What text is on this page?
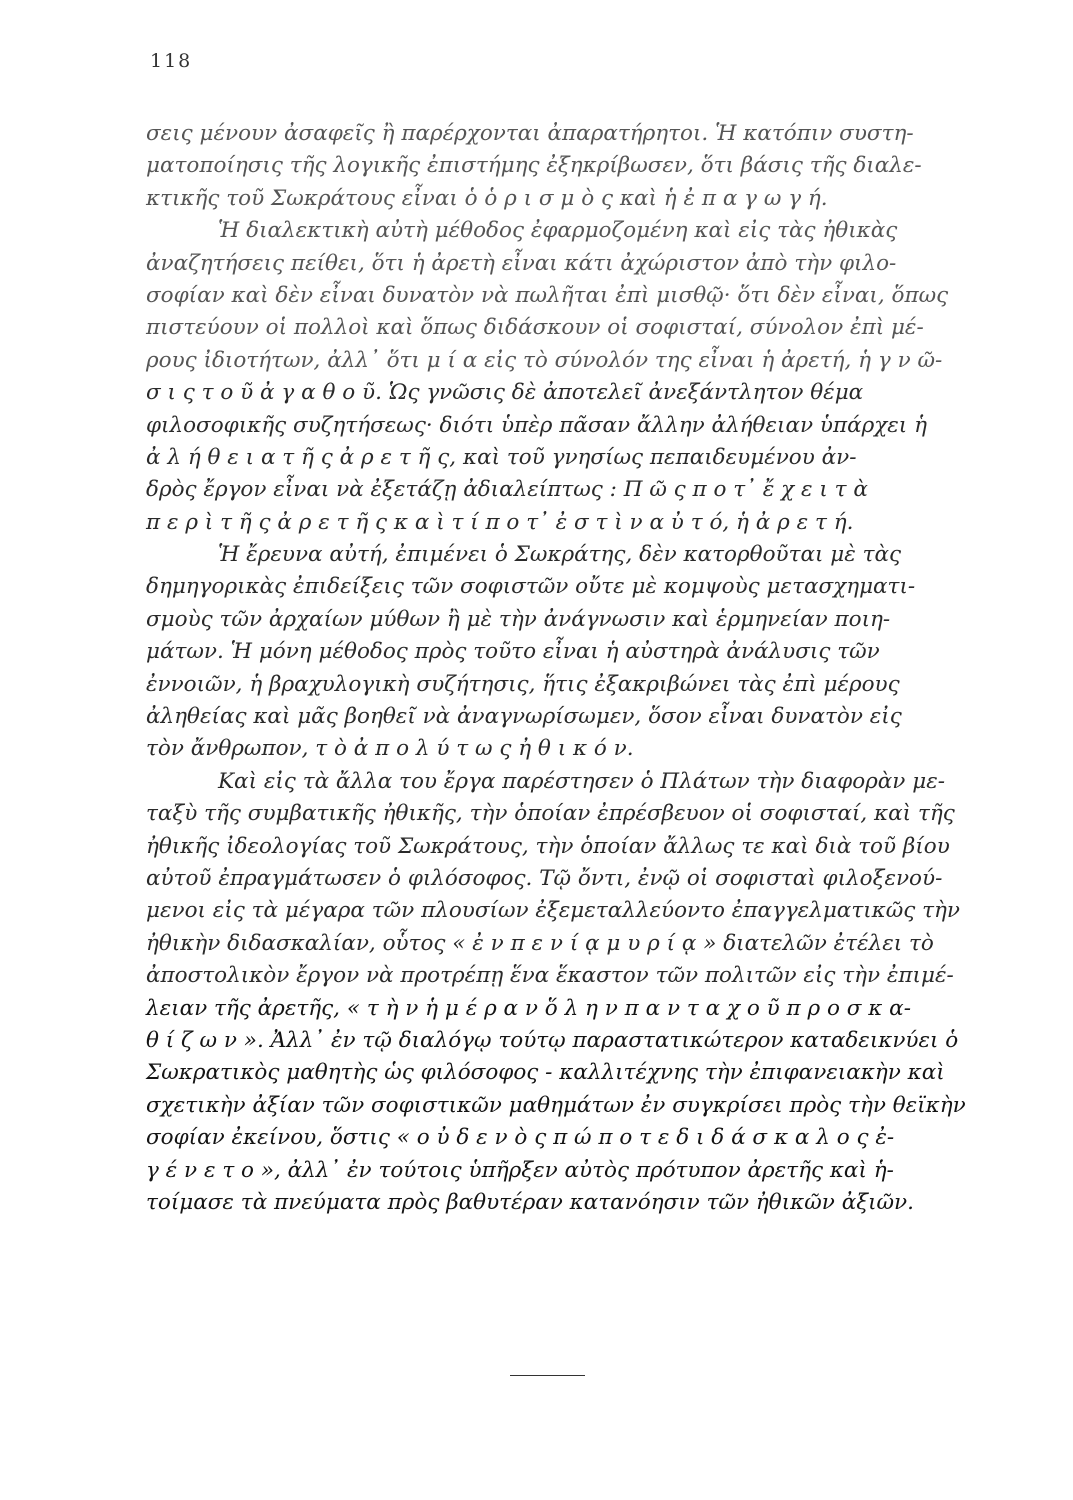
118
σεις μένουν ἀσαφεῖς ἢ παρέρχονται ἀπαρατήρητοι. Ἡ κατόπιν συστη-
ματοποίησις τῆς λογικῆς ἐπιστήμης ἐξηκρίβωσεν, ὅτι βάσις τῆς διαλε-
κτικῆς τοῦ Σωκράτους εἶναι ὁ ὁ ρ ι σ μ ὸ ς καὶ ἡ ἐ π α γ ω γ ή.
Ἡ διαλεκτικὴ αὐτὴ μέθοδος ἐφαρμοζομένη καὶ εἰς τὰς ἠθικὰς
ἀναζητήσεις πείθει, ὅτι ἡ ἀρετὴ εἶναι κάτι ἀχώριστον ἀπὸ τὴν φιλο-
σοφίαν καὶ δὲν εἶναι δυνατὸν νὰ πωλῆται ἐπὶ μισθῷ· ὅτι δὲν εἶναι, ὅπως
πιστεύουν οἱ πολλοὶ καὶ ὅπως διδάσκουν οἱ σοφισταί, σύνολον ἐπὶ μέ-
ρους ἰδιοτήτων, ἀλλ᾽ ὅτι μ ί α εἰς τὸ σύνολόν της εἶναι ἡ ἀρετή, ἡ γ ν ῶ-
σ ι ς τ ο ῦ ἀ γ α θ ο ῦ. Ὡς γνῶσις δὲ ἀποτελεῖ ἀνεξάντλητον θέμα
φιλοσοφικῆς συζητήσεως· διότι ὑπὲρ πᾶσαν ἄλλην ἀλήθειαν ὑπάρχει ἡ
ἀ λ ή θ ε ι α τ ῆ ς ἀ ρ ε τ ῆ ς, καὶ τοῦ γνησίως πεπαιδευμένου ἀν-
δρὸς ἔργον εἶναι νὰ ἐξετάζῃ ἀδιαλείπτως : Π ῶ ς π ο τ᾽ ἔ χ ε ι τ ὰ
π ε ρ ὶ τ ῆ ς ἀ ρ ε τ ῆ ς κ α ὶ τ ί π ο τ᾽ ἐ σ τ ὶ ν α ὐ τ ό, ἡ ἀ ρ ε τ ή.
Ἡ ἔρευνα αὐτή, ἐπιμένει ὁ Σωκράτης, δὲν κατορθοῦται μὲ τὰς
δημηγορικὰς ἐπιδείξεις τῶν σοφιστῶν οὔτε μὲ κομψοὺς μετασχηματι-
σμοὺς τῶν ἀρχαίων μύθων ἢ μὲ τὴν ἀνάγνωσιν καὶ ἑρμηνείαν ποιη-
μάτων. Ἡ μόνη μέθοδος πρὸς τοῦτο εἶναι ἡ αὐστηρὰ ἀνάλυσις τῶν
ἐννοιῶν, ἡ βραχυλογικὴ συζήτησις, ἥτις ἐξακριβώνει τὰς ἐπὶ μέρους
ἀληθείας καὶ μᾶς βοηθεῖ νὰ ἀναγνωρίσωμεν, ὅσον εἶναι δυνατὸν εἰς
τὸν ἄνθρωπον, τ ὸ ἀ π ο λ ύ τ ω ς ἠ θ ι κ ό ν.
Καὶ εἰς τὰ ἄλλα του ἔργα παρέστησεν ὁ Πλάτων τὴν διαφορὰν με-
ταξὺ τῆς συμβατικῆς ἠθικῆς, τὴν ὁποίαν ἐπρέσβευον οἱ σοφισταί, καὶ τῆς
ἠθικῆς ἰδεολογίας τοῦ Σωκράτους, τὴν ὁποίαν ἄλλως τε καὶ διὰ τοῦ βίου
αὐτοῦ ἐπραγμάτωσεν ὁ φιλόσοφος. Τῷ ὄντι, ἐνῷ οἱ σοφισταὶ φιλοξενού-
μενοι εἰς τὰ μέγαρα τῶν πλουσίων ἐξεμεταλλεύοντο ἐπαγγελματικῶς τὴν
ἠθικὴν διδασκαλίαν, οὗτος « ἐ ν π ε ν ί ᾳ μ υ ρ ί ᾳ » διατελῶν ἐτέλει τὸ
ἀποστολικὸν ἔργον νὰ προτρέπῃ ἕνα ἕκαστον τῶν πολιτῶν εἰς τὴν ἐπιμέ-
λειαν τῆς ἀρετῆς, « τ ὴ ν ἡ μ έ ρ α ν ὅ λ η ν π α ν τ α χ ο ῦ π ρ ο σ κ α-
θ ί ζ ω ν ». Ἀλλ᾽ ἐν τῷ διαλόγῳ τούτῳ παραστατικώτερον καταδεικνύει ὁ
Σωκρατικὸς μαθητὴς ὡς φιλόσοφος - καλλιτέχνης τὴν ἐπιφανειακὴν καὶ
σχετικὴν ἀξίαν τῶν σοφιστικῶν μαθημάτων ἐν συγκρίσει πρὸς τὴν θεϊκὴν
σοφίαν ἐκείνου, ὅστις « ο ὐ δ ε ν ὸ ς π ώ π ο τ ε δ ι δ ά σ κ α λ ο ς ἐ-
γ έ ν ε τ ο », ἀλλ᾽ ἐν τούτοις ὑπῆρξεν αὐτὸς πρότυπον ἀρετῆς καὶ ἡ-
τοίμασε τὰ πνεύματα πρὸς βαθυτέραν κατανόησιν τῶν ἠθικῶν ἀξιῶν.
